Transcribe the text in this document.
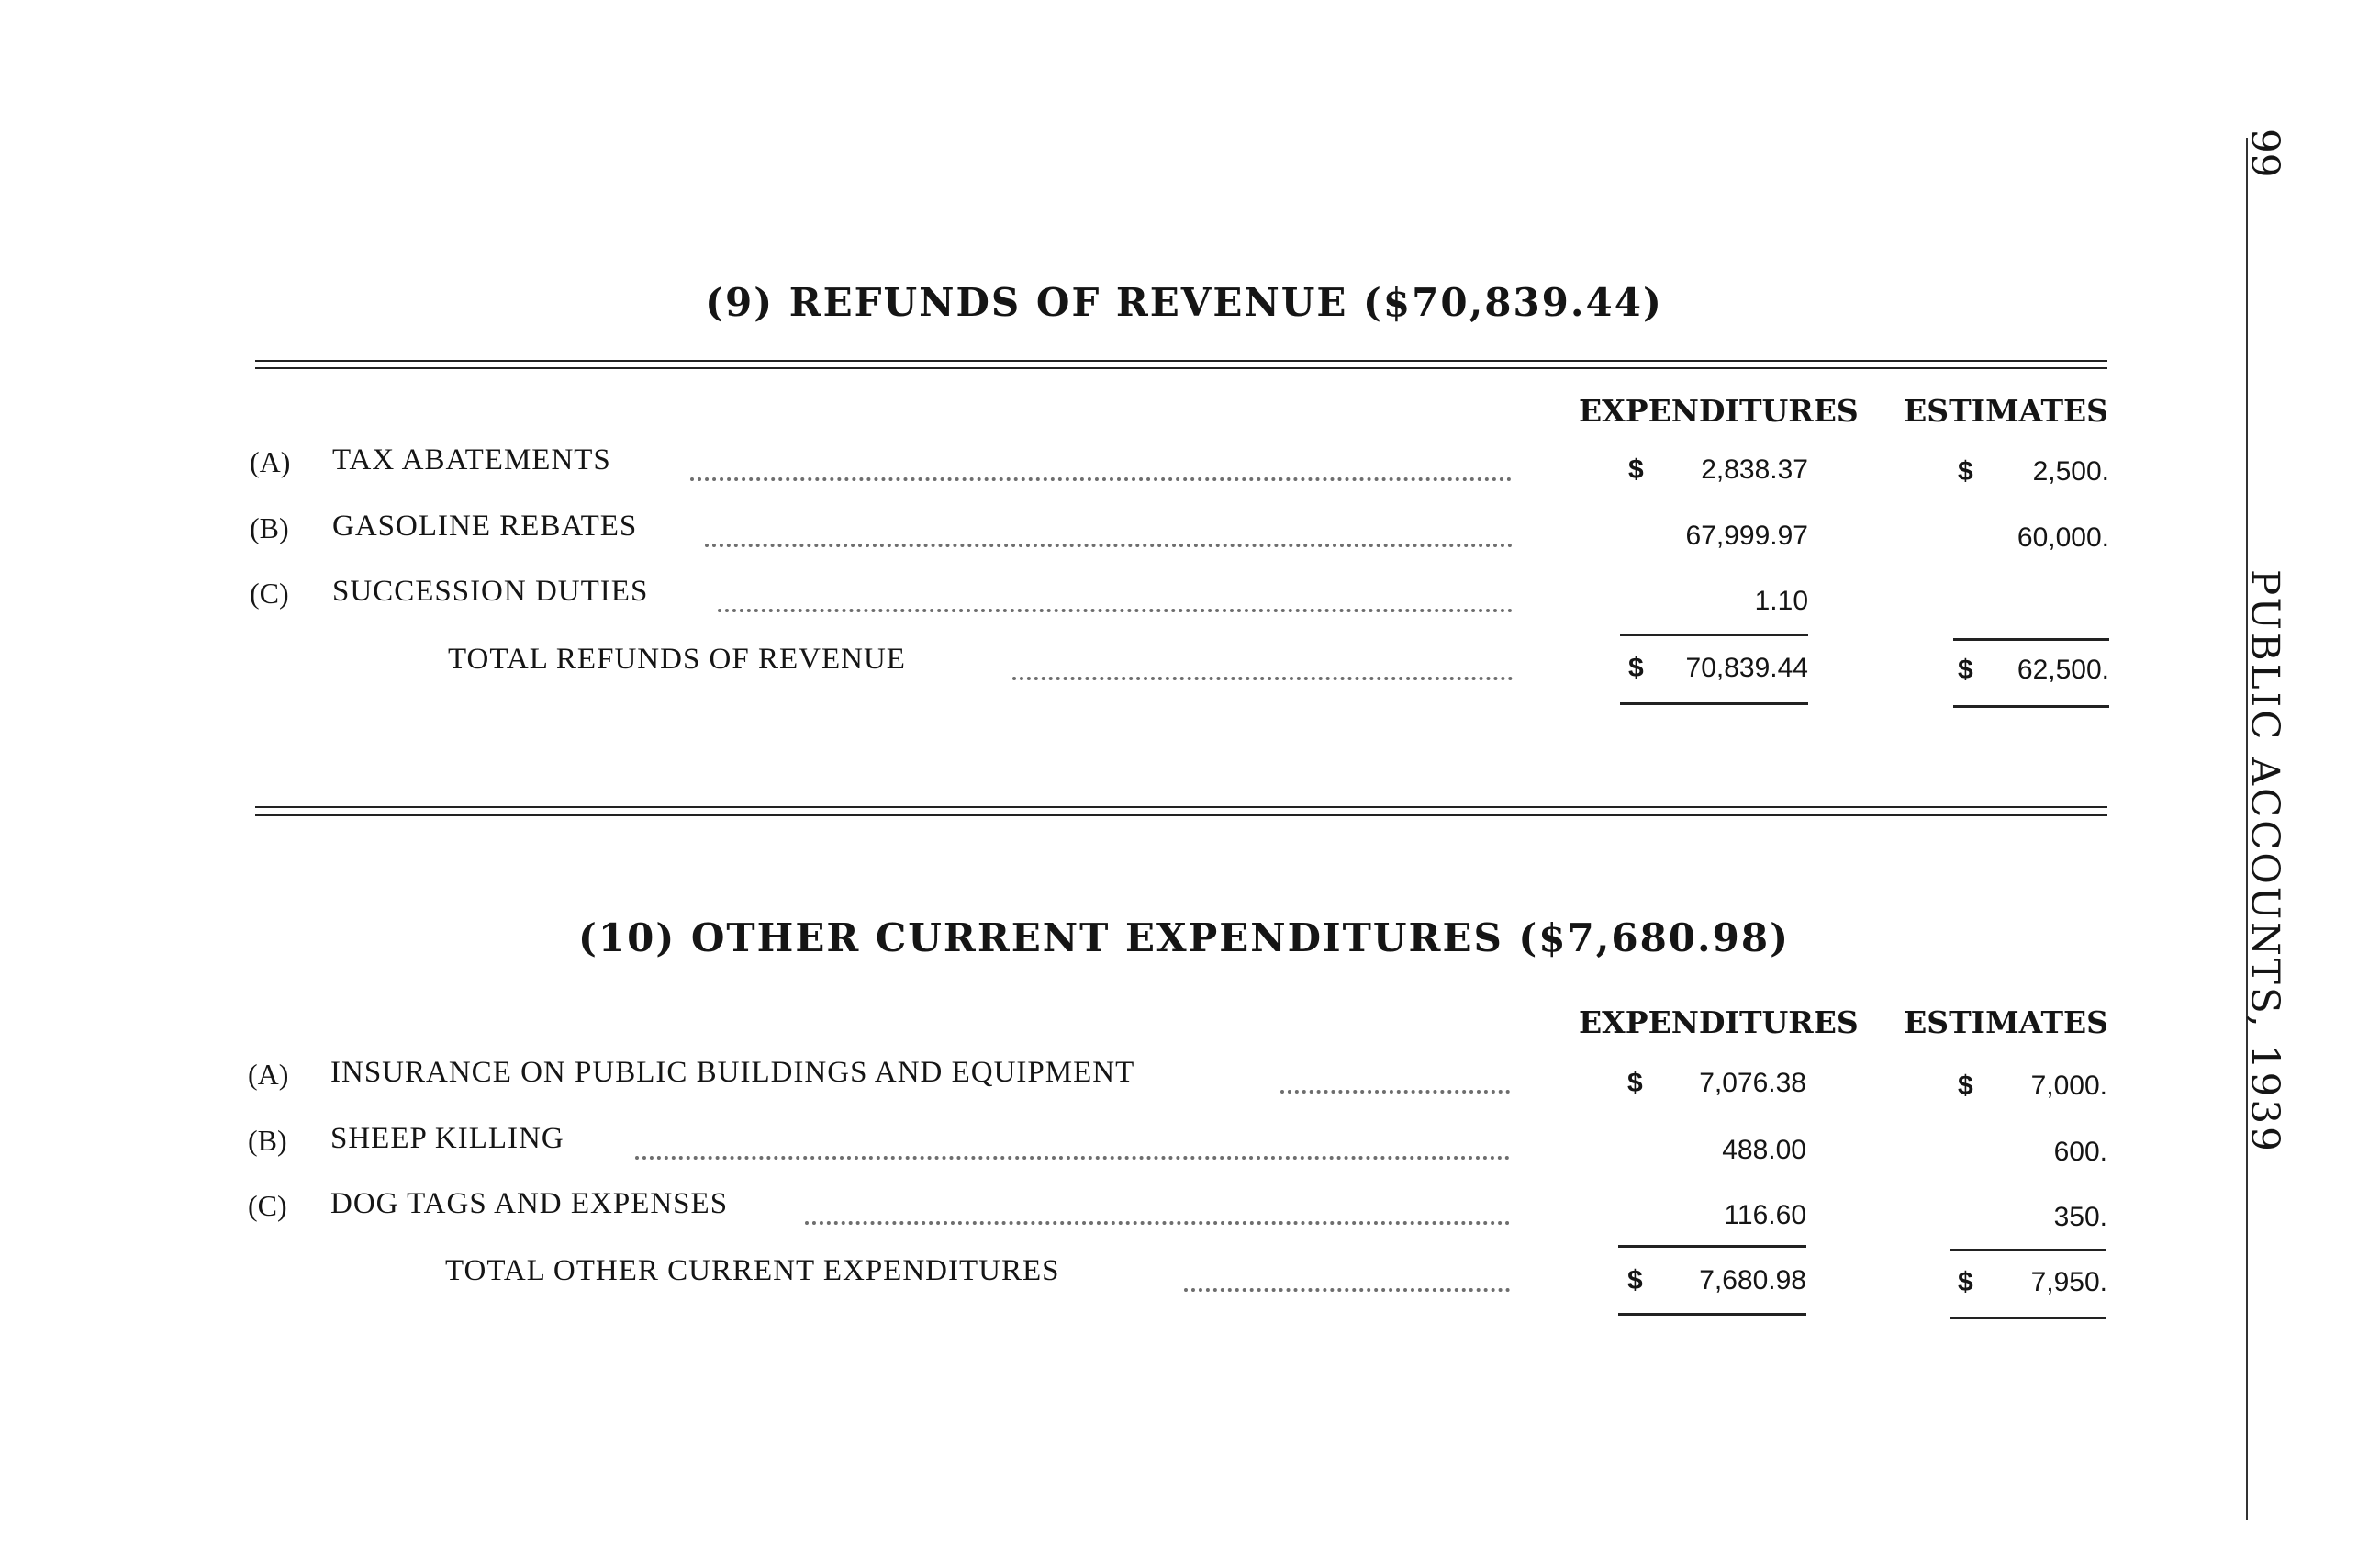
99
PUBLIC ACCOUNTS, 1939
(9) REFUNDS OF REVENUE ($70,839.44)
EXPENDITURES	ESTIMATES
(A) TAX ABATEMENTS	$	2,838.37	$	2,500.
(B) GASOLINE REBATES	67,999.97	60,000.
(C) SUCCESSION DUTIES	1.10
TOTAL REFUNDS OF REVENUE	$	70,839.44	$	62,500.
(10) OTHER CURRENT EXPENDITURES ($7,680.98)
EXPENDITURES	ESTIMATES
(A) INSURANCE ON PUBLIC BUILDINGS AND EQUIPMENT	$	7,076.38	$	7,000.
(B) SHEEP KILLING	488.00	600.
(C) DOG TAGS AND EXPENSES	116.60	350.
TOTAL OTHER CURRENT EXPENDITURES	$	7,680.98	$	7,950.
